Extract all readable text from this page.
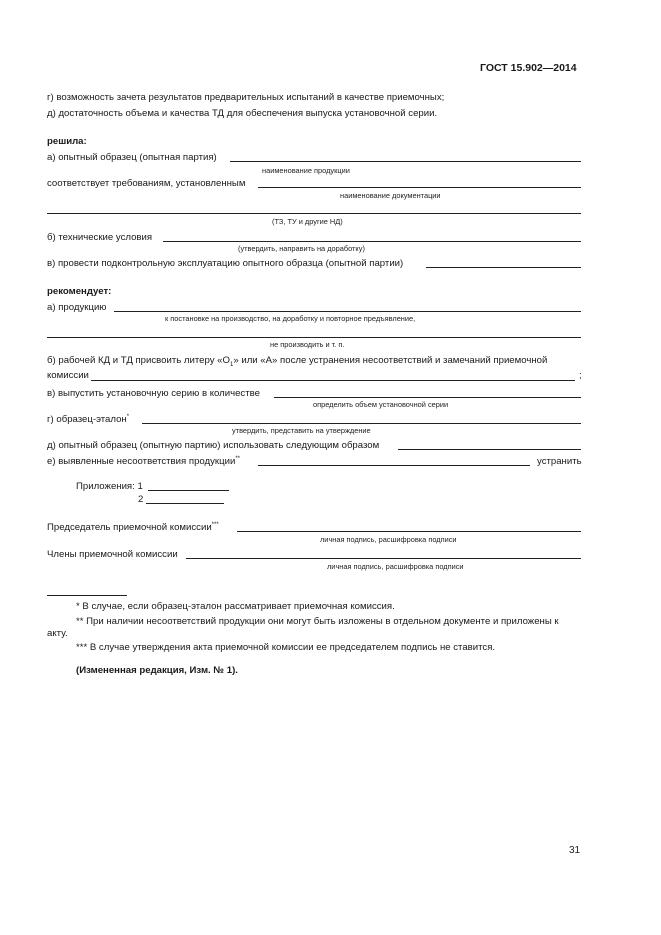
ГОСТ 15.902—2014
г) возможность зачета результатов предварительных испытаний в качестве приемочных;
д) достаточность объема и качества ТД для обеспечения выпуска установочной серии.
решила:
а) опытный образец (опытная партия)
наименование продукции
соответствует требованиям, установленным
наименование документации
(ТЗ, ТУ и другие НД)
б) технические условия
(утвердить, направить на доработку)
в) провести подконтрольную эксплуатацию опытного образца (опытной партии)
рекомендует:
а) продукцию
к постановке на производство, на доработку и повторное предъявление,
не производить и т. п.
б) рабочей КД и ТД присвоить литеру «$О_1$» или «А» после устранения несоответствий и замечаний приемочной
комиссии	;
в) выпустить установочную серию в количестве
определить объем установочной серии
г) образец-эталон*
утвердить, представить на утверждение
д) опытный образец (опытную партию) использовать следующим образом
е) выявленные несоответствия продукции**	устранить
Приложения: 1
2
Председатель приемочной комиссии***
личная подпись, расшифровка подписи
Члены приемочной комиссии
личная подпись, расшифровка подписи
* В случае, если образец-эталон рассматривает приемочная комиссия.
** При наличии несоответствий продукции они могут быть изложены в отдельном документе и приложены к
акту.
*** В случае утверждения акта приемочной комиссии ее председателем подпись не ставится.
(Измененная редакция, Изм. № 1).
31
